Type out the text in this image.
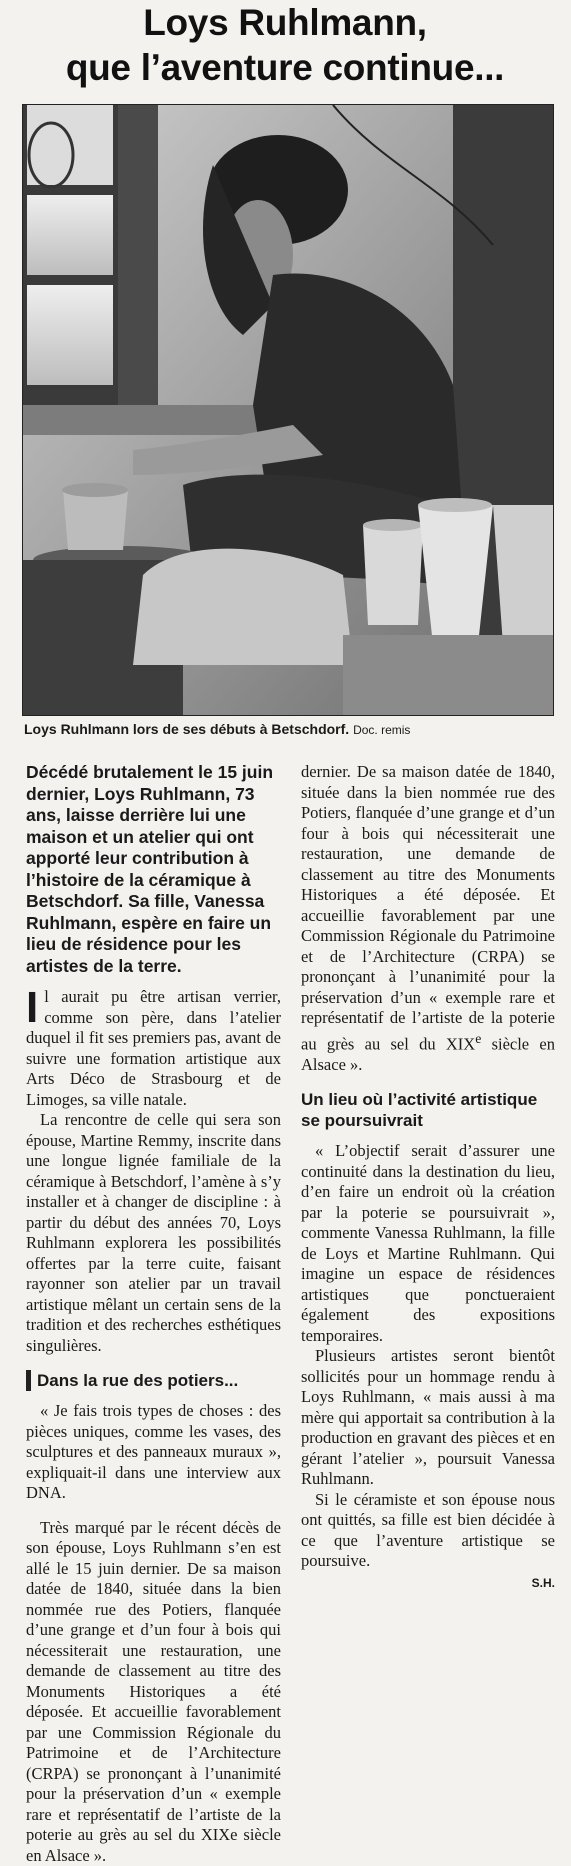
Loys Ruhlmann,
que l’aventure continue...
Loys Ruhlmann lors de ses débuts à Betschdorf. Doc. remis

Décédé brutalement le 15 juin dernier, Loys Ruhlmann, 73 ans, laisse derrière lui une maison et un atelier qui ont apporté leur contribution à l’histoire de la céramique à Betschdorf. Sa fille, Vanessa Ruhlmann, espère en faire un lieu de résidence pour les artistes de la terre.

Il aurait pu être artisan verrier, comme son père, dans l’atelier duquel il fit ses premiers pas, avant de suivre une formation artistique aux Arts Déco de Strasbourg et de Limoges, sa ville natale.

La rencontre de celle qui sera son épouse, Martine Remmy, inscrite dans une longue lignée familiale de la céramique à Betschdorf, l’amène à s’y installer et à changer de discipline : à partir du début des années 70, Loys Ruhlmann explorera les possibilités offertes par la terre cuite, faisant rayonner son atelier par un travail artistique mêlant un certain sens de la tradition et des recherches esthétiques singulières.

Dans la rue des potiers...

« Je fais trois types de choses : des pièces uniques, comme les vases, des sculptures et des panneaux muraux », expliquait-il dans une interview aux DNA.

Très marqué par le récent décès de son épouse, Loys Ruhlmann s’en est allé le 15 juin dernier. De sa maison datée de 1840, située dans la bien nommée rue des Potiers, flanquée d’une grange et d’un four à bois qui nécessiterait une restauration, une demande de classement au titre des Monuments Historiques a été déposée. Et accueillie favorablement par une Commission Régionale du Patrimoine et de l’Architecture (CRPA) se prononçant à l’unanimité pour la préservation d’un « exemple rare et représentatif de l’artiste de la poterie au grès au sel du XIXe siècle en Alsace ».

dernier. De sa maison datée de 1840, située dans la bien nommée rue des Potiers, flanquée d’une grange et d’un four à bois qui nécessiterait une restauration, une demande de classement au titre des Monuments Historiques a été déposée. Et accueillie favorablement par une Commission Régionale du Patrimoine et de l’Architecture (CRPA) se prononçant à l’unanimité pour la préservation d’un « exemple rare et représentatif de l’artiste de la poterie au grès au sel du XIXe siècle en Alsace ».

Un lieu où l’activité artistique se poursuivrait

« L’objectif serait d’assurer une continuité dans la destination du lieu, d’en faire un endroit où la création par la poterie se poursuivrait », commente Vanessa Ruhlmann, la fille de Loys et Martine Ruhlmann. Qui imagine un espace de résidences artistiques que ponctueraient également des expositions temporaires.

Plusieurs artistes seront bientôt sollicités pour un hommage rendu à Loys Ruhlmann, « mais aussi à ma mère qui apportait sa contribution à la production en gravant des pièces et en gérant l’atelier », poursuit Vanessa Ruhlmann.

Si le céramiste et son épouse nous ont quittés, sa fille est bien décidée à ce que l’aventure artistique se poursuive.

S.H.
